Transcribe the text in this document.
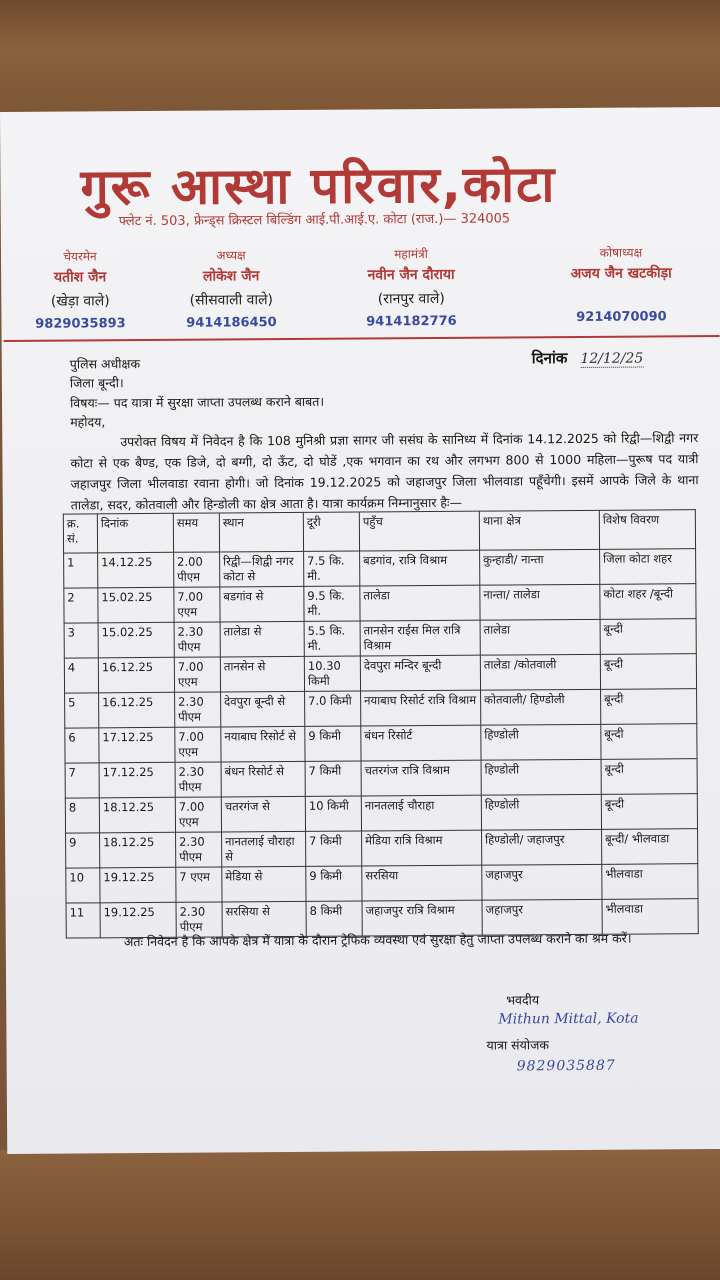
गुरू आस्था परिवार,कोटा
फ्लेट नं. 503, फ्रेन्ड्स क्रिस्टल बिल्डिंग आई.पी.आई.ए. कोटा (राज.)— 324005
चेयरमेन
यतीश जैन
(खेड़ा वाले)
9829035893
अध्यक्ष
लोकेश जैन
(सीसवाली वाले)
9414186450
महामंत्री
नवीन जैन दौराया
(रानपुर वाले)
9414182776
कोषाध्यक्ष
अजय जैन खटकीड़ा
9214070090
पुलिस अधीक्षक
जिला बून्दी।
दिनांक 12/12/25
विषयः— पद यात्रा में सुरक्षा जाप्ता उपलब्ध कराने बाबत।
महोदय,
उपरोक्त विषय में निवेदन है कि 108 मुनिश्री प्रज्ञा सागर जी ससंघ के सानिध्य में दिनांक 14.12.2025 को रिद्वी—शिद्वी नगर कोटा से एक बैण्ड, एक डिजे, दो बग्गी, दो ऊँट, दो घोडें ,एक भगवान का रथ और लगभग 800 से 1000 महिला—पुरूष पद यात्री जहाजपुर जिला भीलवाडा रवाना होगी। जो दिनांक 19.12.2025 को जहाजपुर जिला भीलवाडा पहूँचेगी। इसमें आपके जिले के थाना तालेडा, सदर, कोतवाली और हिन्डोली का क्षेत्र आता है। यात्रा कार्यक्रम निम्नानुसार हैः—
क्र. सं.	दिनांक	समय	स्थान	दूरी	पहुँच	थाना क्षेत्र	विशेष विवरण
1	14.12.25	2.00 पीएम	रिद्वी—शिद्वी नगर कोटा से	7.5 कि. मी.	बडगांव, रात्रि विश्राम	कुन्हाडी/ नान्ता	जिला कोटा शहर
2	15.02.25	7.00 एएम	बडगांव से	9.5 कि. मी.	तालेडा	नान्ता/ तालेडा	कोटा शहर /बून्दी
3	15.02.25	2.30 पीएम	तालेडा से	5.5 कि. मी.	तानसेन राईस मिल रात्रि विश्राम	तालेडा	बून्दी
4	16.12.25	7.00 एएम	तानसेन से	10.30 किमी	देवपुरा मन्दिर बून्दी	तालेडा /कोतवाली	बून्दी
5	16.12.25	2.30 पीएम	देवपुरा बून्दी से	7.0 किमी	नयाबाघ रिसोर्ट रात्रि विश्राम	कोतवाली/ हिण्डोली	बून्दी
6	17.12.25	7.00 एएम	नयाबाघ रिसोर्ट से	9 किमी	बंधन रिसोर्ट	हिण्डोली	बून्दी
7	17.12.25	2.30 पीएम	बंधन रिसोर्ट से	7 किमी	चतरगंज रात्रि विश्राम	हिण्डोली	बून्दी
8	18.12.25	7.00 एएम	चतरगंज से	10 किमी	नानतलाई चौराहा	हिण्डोली	बून्दी
9	18.12.25	2.30 पीएम	नानतलाई चौराहा से	7 किमी	मेडिया रात्रि विश्राम	हिण्डोली/ जहाजपुर	बून्दी/ भीलवाडा
10	19.12.25	7 एएम	मेडिया से	9 किमी	सरसिया	जहाजपुर	भीलवाडा
11	19.12.25	2.30 पीएम	सरसिया से	8 किमी	जहाजपुर रात्रि विश्राम	जहाजपुर	भीलवाडा
अतः निवेदन है कि आपके क्षेत्र में यात्रा के दौरान ट्रेफिक व्यवस्था एवं सुरक्षा हेतु जाप्ता उपलब्ध कराने का श्रम करें।
भवदीय
Mithun Mittal, Kota
यात्रा संयोजक
9829035887
